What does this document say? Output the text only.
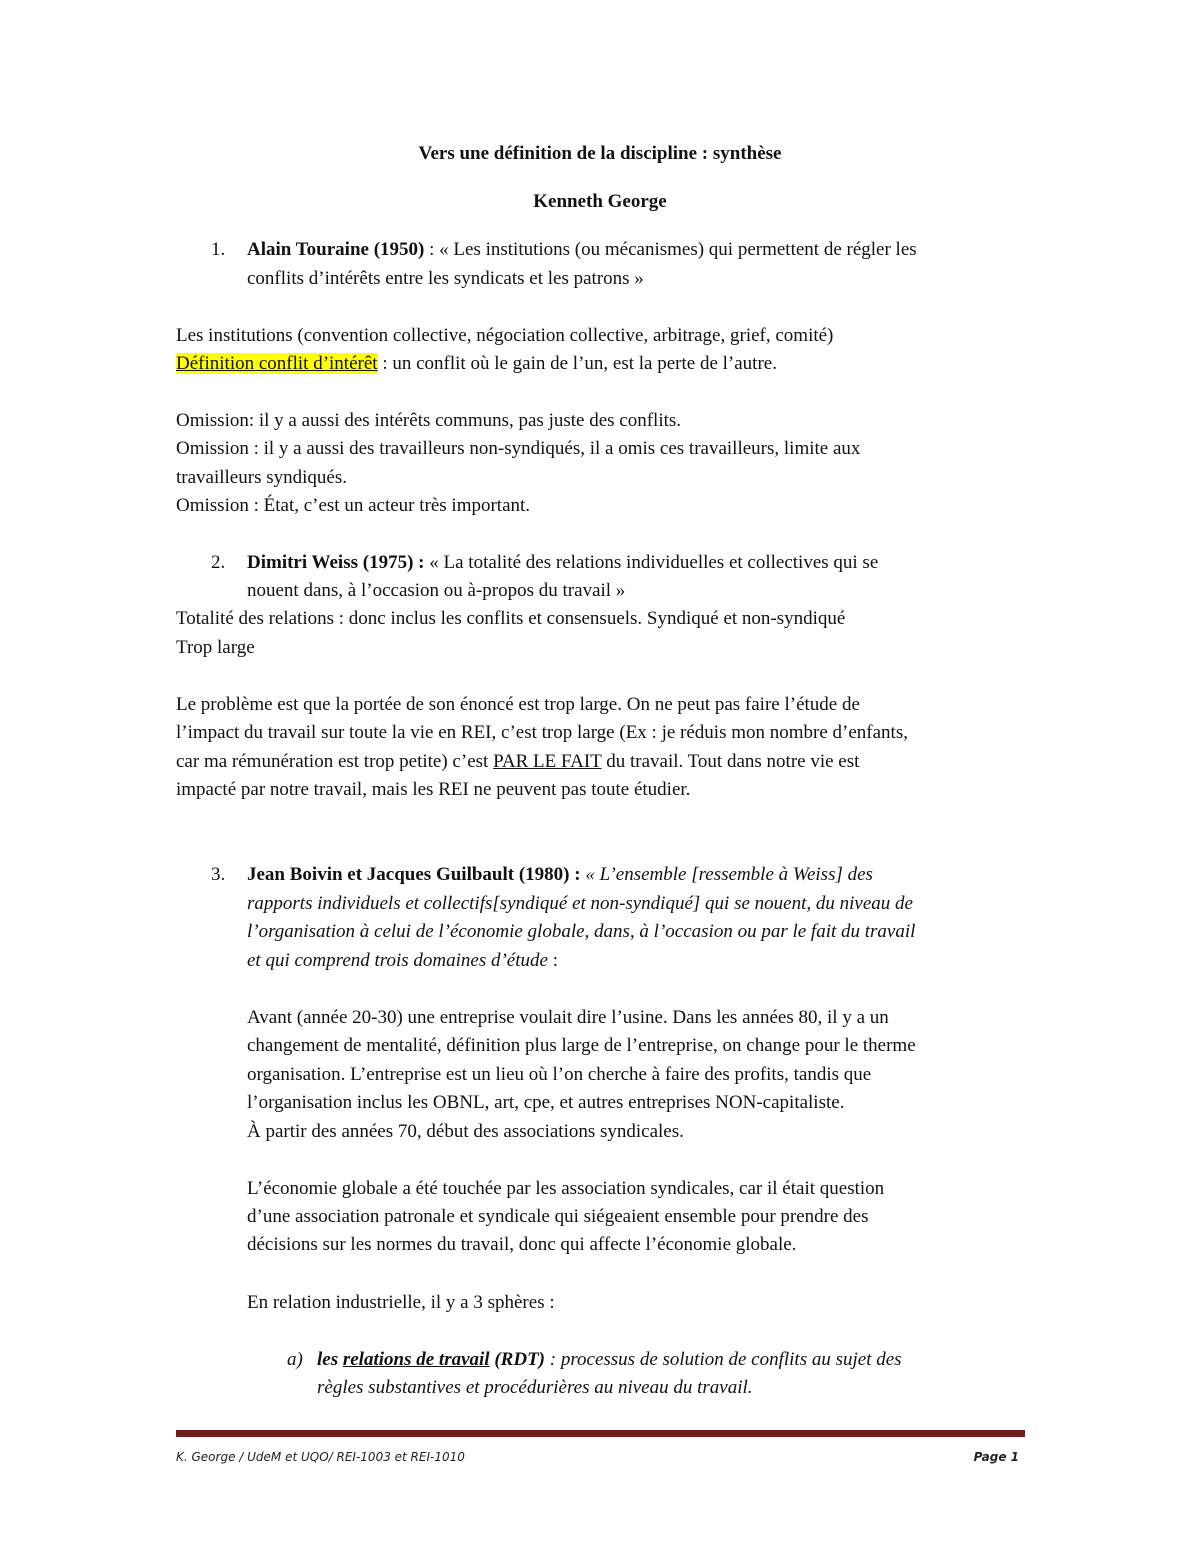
Vers une définition de la discipline : synthèse
Kenneth George
1. Alain Touraine (1950) : « Les institutions (ou mécanismes) qui permettent de régler les
conflits d’intérêts entre les syndicats et les patrons »
Les institutions (convention collective, négociation collective, arbitrage, grief, comité)
Définition conflit d’intérêt : un conflit où le gain de l’un, est la perte de l’autre.
Omission: il y a aussi des intérêts communs, pas juste des conflits.
Omission : il y a aussi des travailleurs non-syndiqués, il a omis ces travailleurs, limite aux
travailleurs syndiqués.
Omission : État, c’est un acteur très important.
2. Dimitri Weiss (1975) : « La totalité des relations individuelles et collectives qui se
nouent dans, à l’occasion ou à-propos du travail »
Totalité des relations : donc inclus les conflits et consensuels. Syndiqué et non-syndiqué
Trop large
Le problème est que la portée de son énoncé est trop large. On ne peut pas faire l’étude de
l’impact du travail sur toute la vie en REI, c’est trop large (Ex : je réduis mon nombre d’enfants,
car ma rémunération est trop petite) c’est PAR LE FAIT du travail. Tout dans notre vie est
impacté par notre travail, mais les REI ne peuvent pas toute étudier.
3. Jean Boivin et Jacques Guilbault (1980) : « L’ensemble [ressemble à Weiss] des
rapports individuels et collectifs[syndiqué et non-syndiqué] qui se nouent, du niveau de
l’organisation à celui de l’économie globale, dans, à l’occasion ou par le fait du travail
et qui comprend trois domaines d’étude :
Avant (année 20-30) une entreprise voulait dire l’usine. Dans les années 80, il y a un
changement de mentalité, définition plus large de l’entreprise, on change pour le therme
organisation. L’entreprise est un lieu où l’on cherche à faire des profits, tandis que
l’organisation inclus les OBNL, art, cpe, et autres entreprises NON-capitaliste.
À partir des années 70, début des associations syndicales.
L’économie globale a été touchée par les association syndicales, car il était question
d’une association patronale et syndicale qui siégeaient ensemble pour prendre des
décisions sur les normes du travail, donc qui affecte l’économie globale.
En relation industrielle, il y a 3 sphères :
a) les relations de travail (RDT) : processus de solution de conflits au sujet des
règles substantives et procédurières au niveau du travail.
K. George / UdeM et UQO/ REI-1003 et REI-1010	Page 1
